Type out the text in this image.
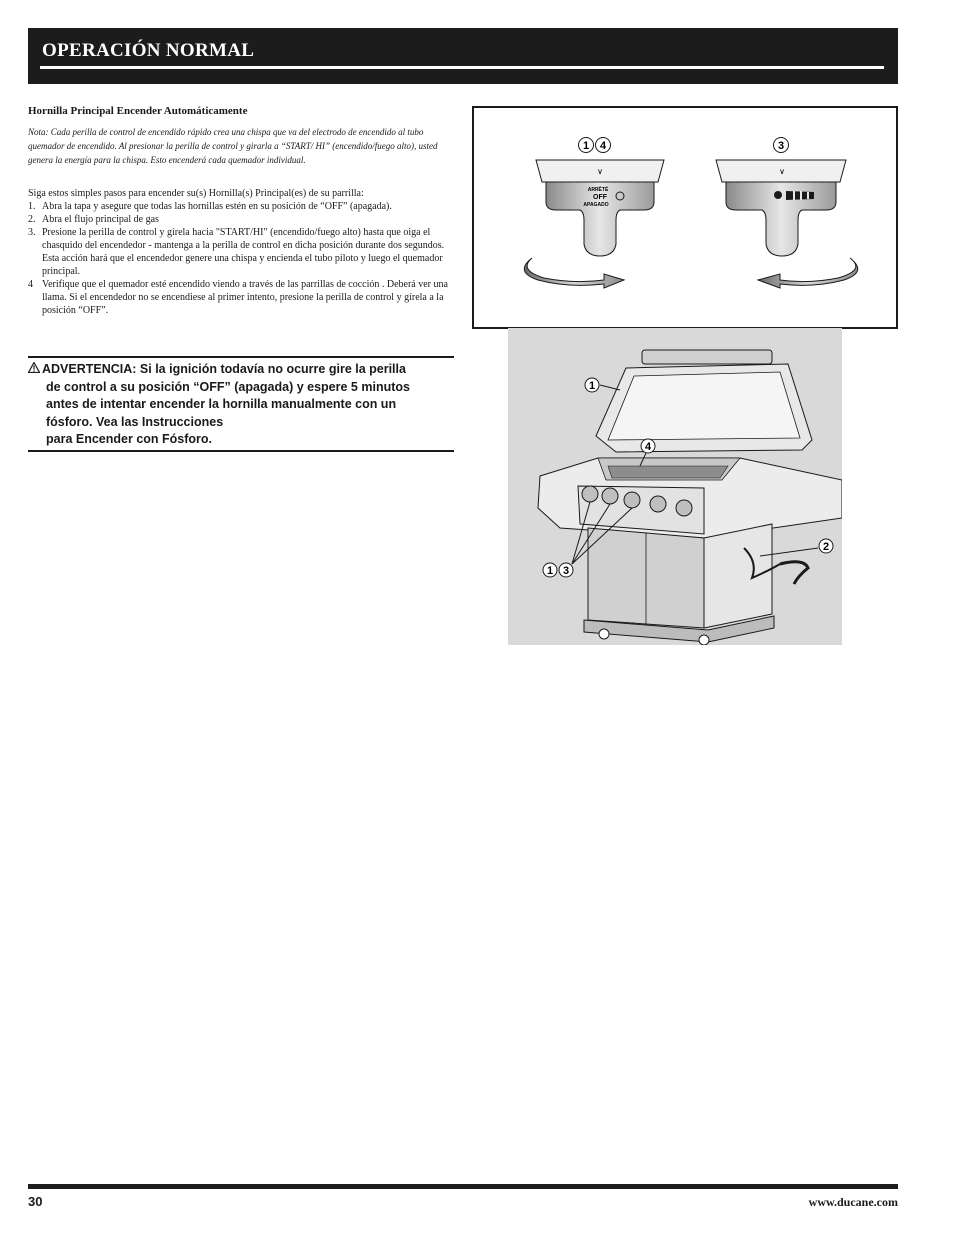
OPERACIÓN NORMAL
Hornilla Principal Encender Automáticamente
Nota: Cada perilla de control de encendido rápido crea una chispa que va del electrodo de encendido al tubo quemador de encendido. Al presionar la perilla de control y girarla a “START/ HI” (encendido/fuego alto), usted genera la energía para la chispa. Esto encenderá cada quemador individual.
Siga estos simples pasos para encender su(s) Hornilla(s) Principal(es) de su parrilla:
1. Abra la tapa y asegure que todas las hornillas estén en su posición de “OFF” (apagada).
2. Abra el flujo principal de gas
3. Presione la perilla de control y gírela hacia "START/HI" (encendido/fuego alto) hasta que oiga el chasquido del encendedor - mantenga a la perilla de control en dicha posición durante dos segundos. Esta acción hará que el encendedor genere una chispa y encienda el tubo piloto y luego el quemador principal.
4 Verifique que el quemador esté encendido viendo a través de las parrillas de cocción . Deberá ver una llama. Si el encendedor no se encendiese al primer intento, presione la perilla de control y gírela a la posición “OFF”.
ADVERTENCIA: Si la ignición todavía no ocurre gire la perilla
de control a su posición “OFF” (apagada) y espere 5 minutos
antes de intentar encender la hornilla manualmente con un
fósforo. Vea las Instrucciones
para Encender con Fósforo.
1 4	3
∨
ARRÊTÉ
OFF
APAGADO
∨
1
4
2
1 3
30	www.ducane.com
